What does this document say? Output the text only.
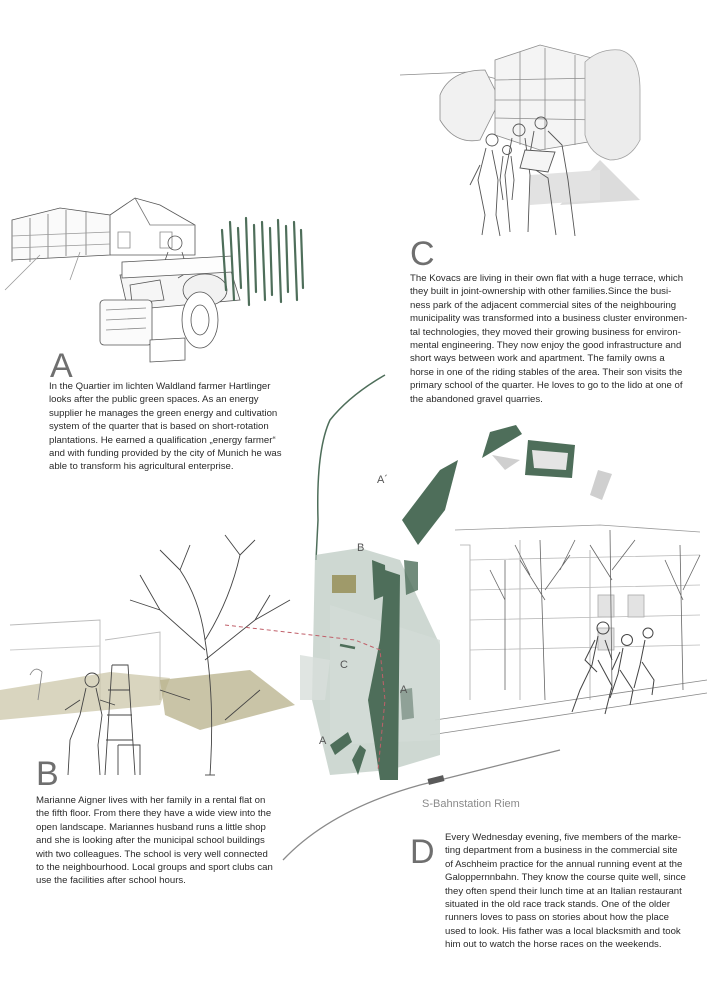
A
In the Quartier im lichten Waldland farmer Hartlinger
looks after the public green spaces. As an energy
supplier he manages the green energy and cultivation
system of the quarter that is based on short-rotation
plantations. He earned a qualification „energy farmer“
and with funding provided by the city of Munich he was
able to transform his agricultural enterprise.
C
The Kovacs are living in their own flat with a huge terrace, which
they built in joint-ownership with other families.Since the busi-
ness park of the adjacent commercial sites of the neighbouring
municipality was transformed into a business cluster environmen-
tal technologies, they moved their growing business for environ-
mental engineering. They now enjoy the good infrastructure and
short ways between work and apartment. The family owns a
horse in one of the riding stables of the area. Their son visits the
primary school of the quarter. He loves to go to the lido at one of
the abandoned gravel quarries.
B
Marianne Aigner lives with her family in a rental flat on
the fifth floor. From there they have a wide view into the
open landscape. Mariannes husband runs a little shop
and she is looking after the municipal school buildings
with two colleagues. The school is very well connected
to the neighbourhood. Local groups and sport clubs can
use the facilities after school hours.
D Every Wednesday evening, five members of the marke-
ting department from a business in the commercial site
of Aschheim practice for the annual running event at the
Galoppernnbahn. They know the course quite well, since
they often spend their lunch time at an Italian restaurant
situated in the old race track stands. One of the older
runners loves to pass on stories about how the place
used to look. His father was a local blacksmith and took
him out to watch the horse races on the weekends.
A´
B
C
A
A
S-Bahnstation Riem
